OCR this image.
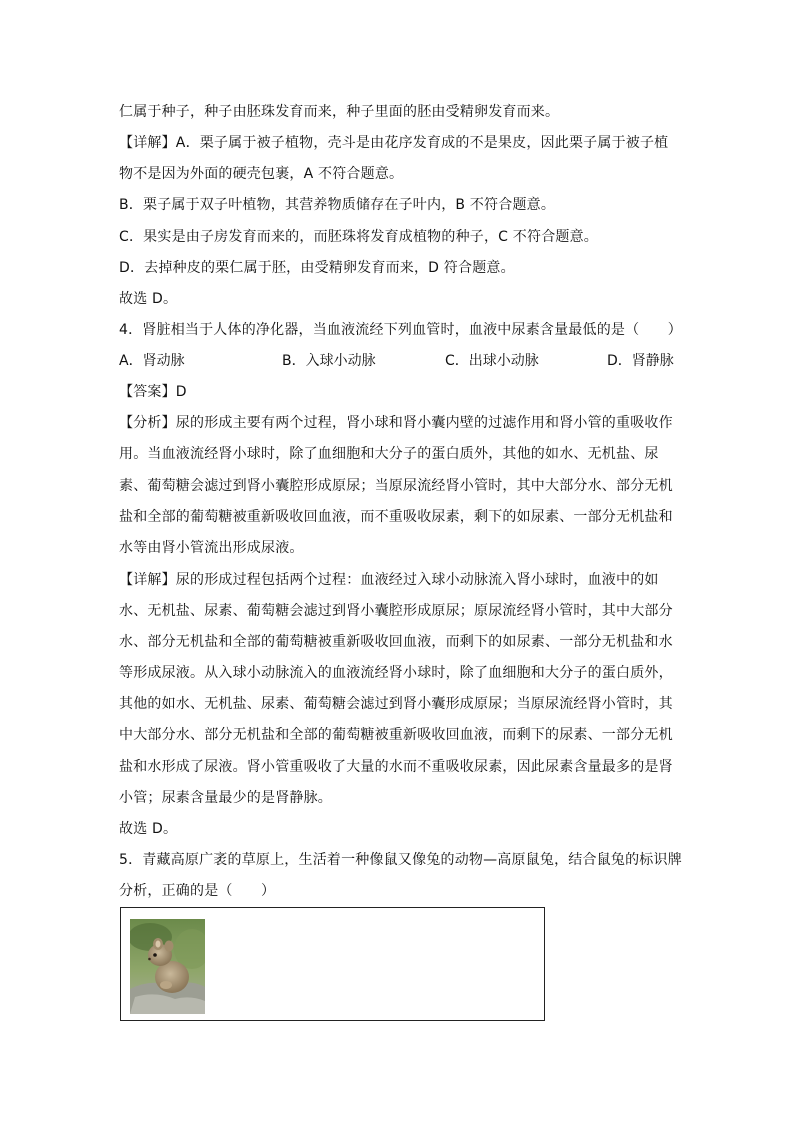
仁属于种子，种子由胚珠发育而来，种子里面的胚由受精卵发育而来。
【详解】A．栗子属于被子植物，壳斗是由花序发育成的不是果皮，因此栗子属于被子植
物不是因为外面的硬壳包裹，A 不符合题意。
B．栗子属于双子叶植物，其营养物质储存在子叶内，B 不符合题意。
C．果实是由子房发育而来的，而胚珠将发育成植物的种子，C 不符合题意。
D．去掉种皮的栗仁属于胚，由受精卵发育而来，D 符合题意。
故选 D。
4．肾脏相当于人体的净化器，当血液流经下列血管时，血液中尿素含量最低的是（　　）
A．肾动脉	B．入球小动脉	C．出球小动脉	D．肾静脉
【答案】D
【分析】尿的形成主要有两个过程，肾小球和肾小囊内壁的过滤作用和肾小管的重吸收作
用。当血液流经肾小球时，除了血细胞和大分子的蛋白质外，其他的如水、无机盐、尿
素、葡萄糖会滤过到肾小囊腔形成原尿；当原尿流经肾小管时，其中大部分水、部分无机
盐和全部的葡萄糖被重新吸收回血液，而不重吸收尿素，剩下的如尿素、一部分无机盐和
水等由肾小管流出形成尿液。
【详解】尿的形成过程包括两个过程：血液经过入球小动脉流入肾小球时，血液中的如
水、无机盐、尿素、葡萄糖会滤过到肾小囊腔形成原尿；原尿流经肾小管时，其中大部分
水、部分无机盐和全部的葡萄糖被重新吸收回血液，而剩下的如尿素、一部分无机盐和水
等形成尿液。从入球小动脉流入的血液流经肾小球时，除了血细胞和大分子的蛋白质外，
其他的如水、无机盐、尿素、葡萄糖会滤过到肾小囊形成原尿；当原尿流经肾小管时，其
中大部分水、部分无机盐和全部的葡萄糖被重新吸收回血液，而剩下的尿素、一部分无机
盐和水形成了尿液。肾小管重吸收了大量的水而不重吸收尿素，因此尿素含量最多的是肾
小管；尿素含量最少的是肾静脉。
故选 D。
5．青藏高原广袤的草原上，生活着一种像鼠又像兔的动物—高原鼠兔，结合鼠兔的标识牌
分析，正确的是（　　）
